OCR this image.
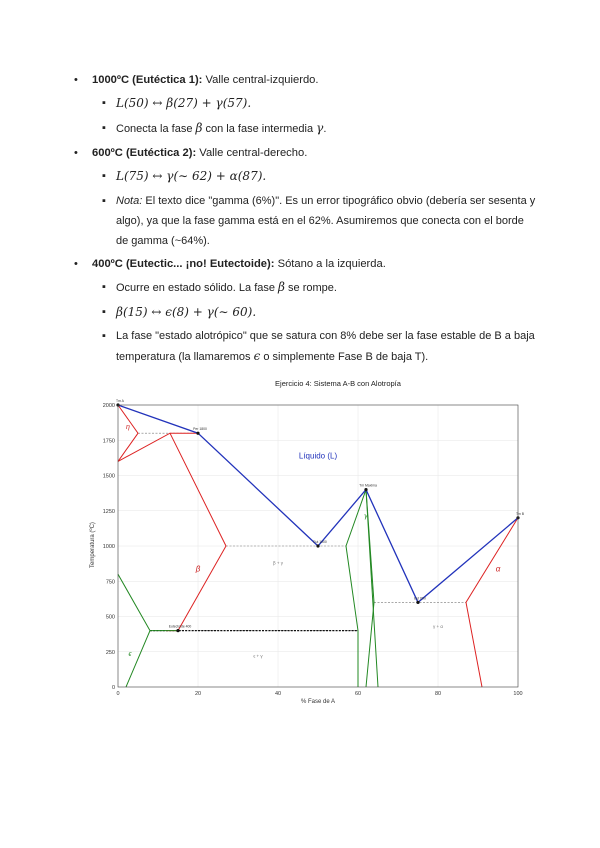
• 1000ºC (Eutéctica 1): Valle central-izquierdo.
▪ L(50) ↔ β(27) + γ(57).
▪ Conecta la fase β con la fase intermedia γ.
• 600ºC (Eutéctica 2): Valle central-derecho.
▪ L(75) ↔ γ(∼ 62) + α(87).
▪ Nota: El texto dice "gamma (6%)". Es un error tipográfico obvio (debería ser sesenta y algo), ya que la fase gamma está en el 62%. Asumiremos que conecta con el borde de gamma (~64%).
• 400ºC (Eutectic... ¡no! Eutectoide): Sótano a la izquierda.
▪ Ocurre en estado sólido. La fase β se rompe.
▪ β(15) ↔ ϵ(8) + γ(∼ 60).
▪ La fase "estado alotrópico" que se satura con 8% debe ser la fase estable de B a baja temperatura (la llamaremos ϵ o simplemente Fase B de baja T).
Tm A
Per 1800
Eut 1000
Tm Maxima
Eut 600
Tm B
Eutectoide 400
Líquido (L)
η
β
β + γ
γ
γ + α
α
ϵ	ϵ + γ
0	20	40	60	80	100
0
250
500
750
1000
1250
1500
1750
2000
Ejercicio 4: Sistema A-B con Alotropía
% Fase de A
Temperatura (ºC)
